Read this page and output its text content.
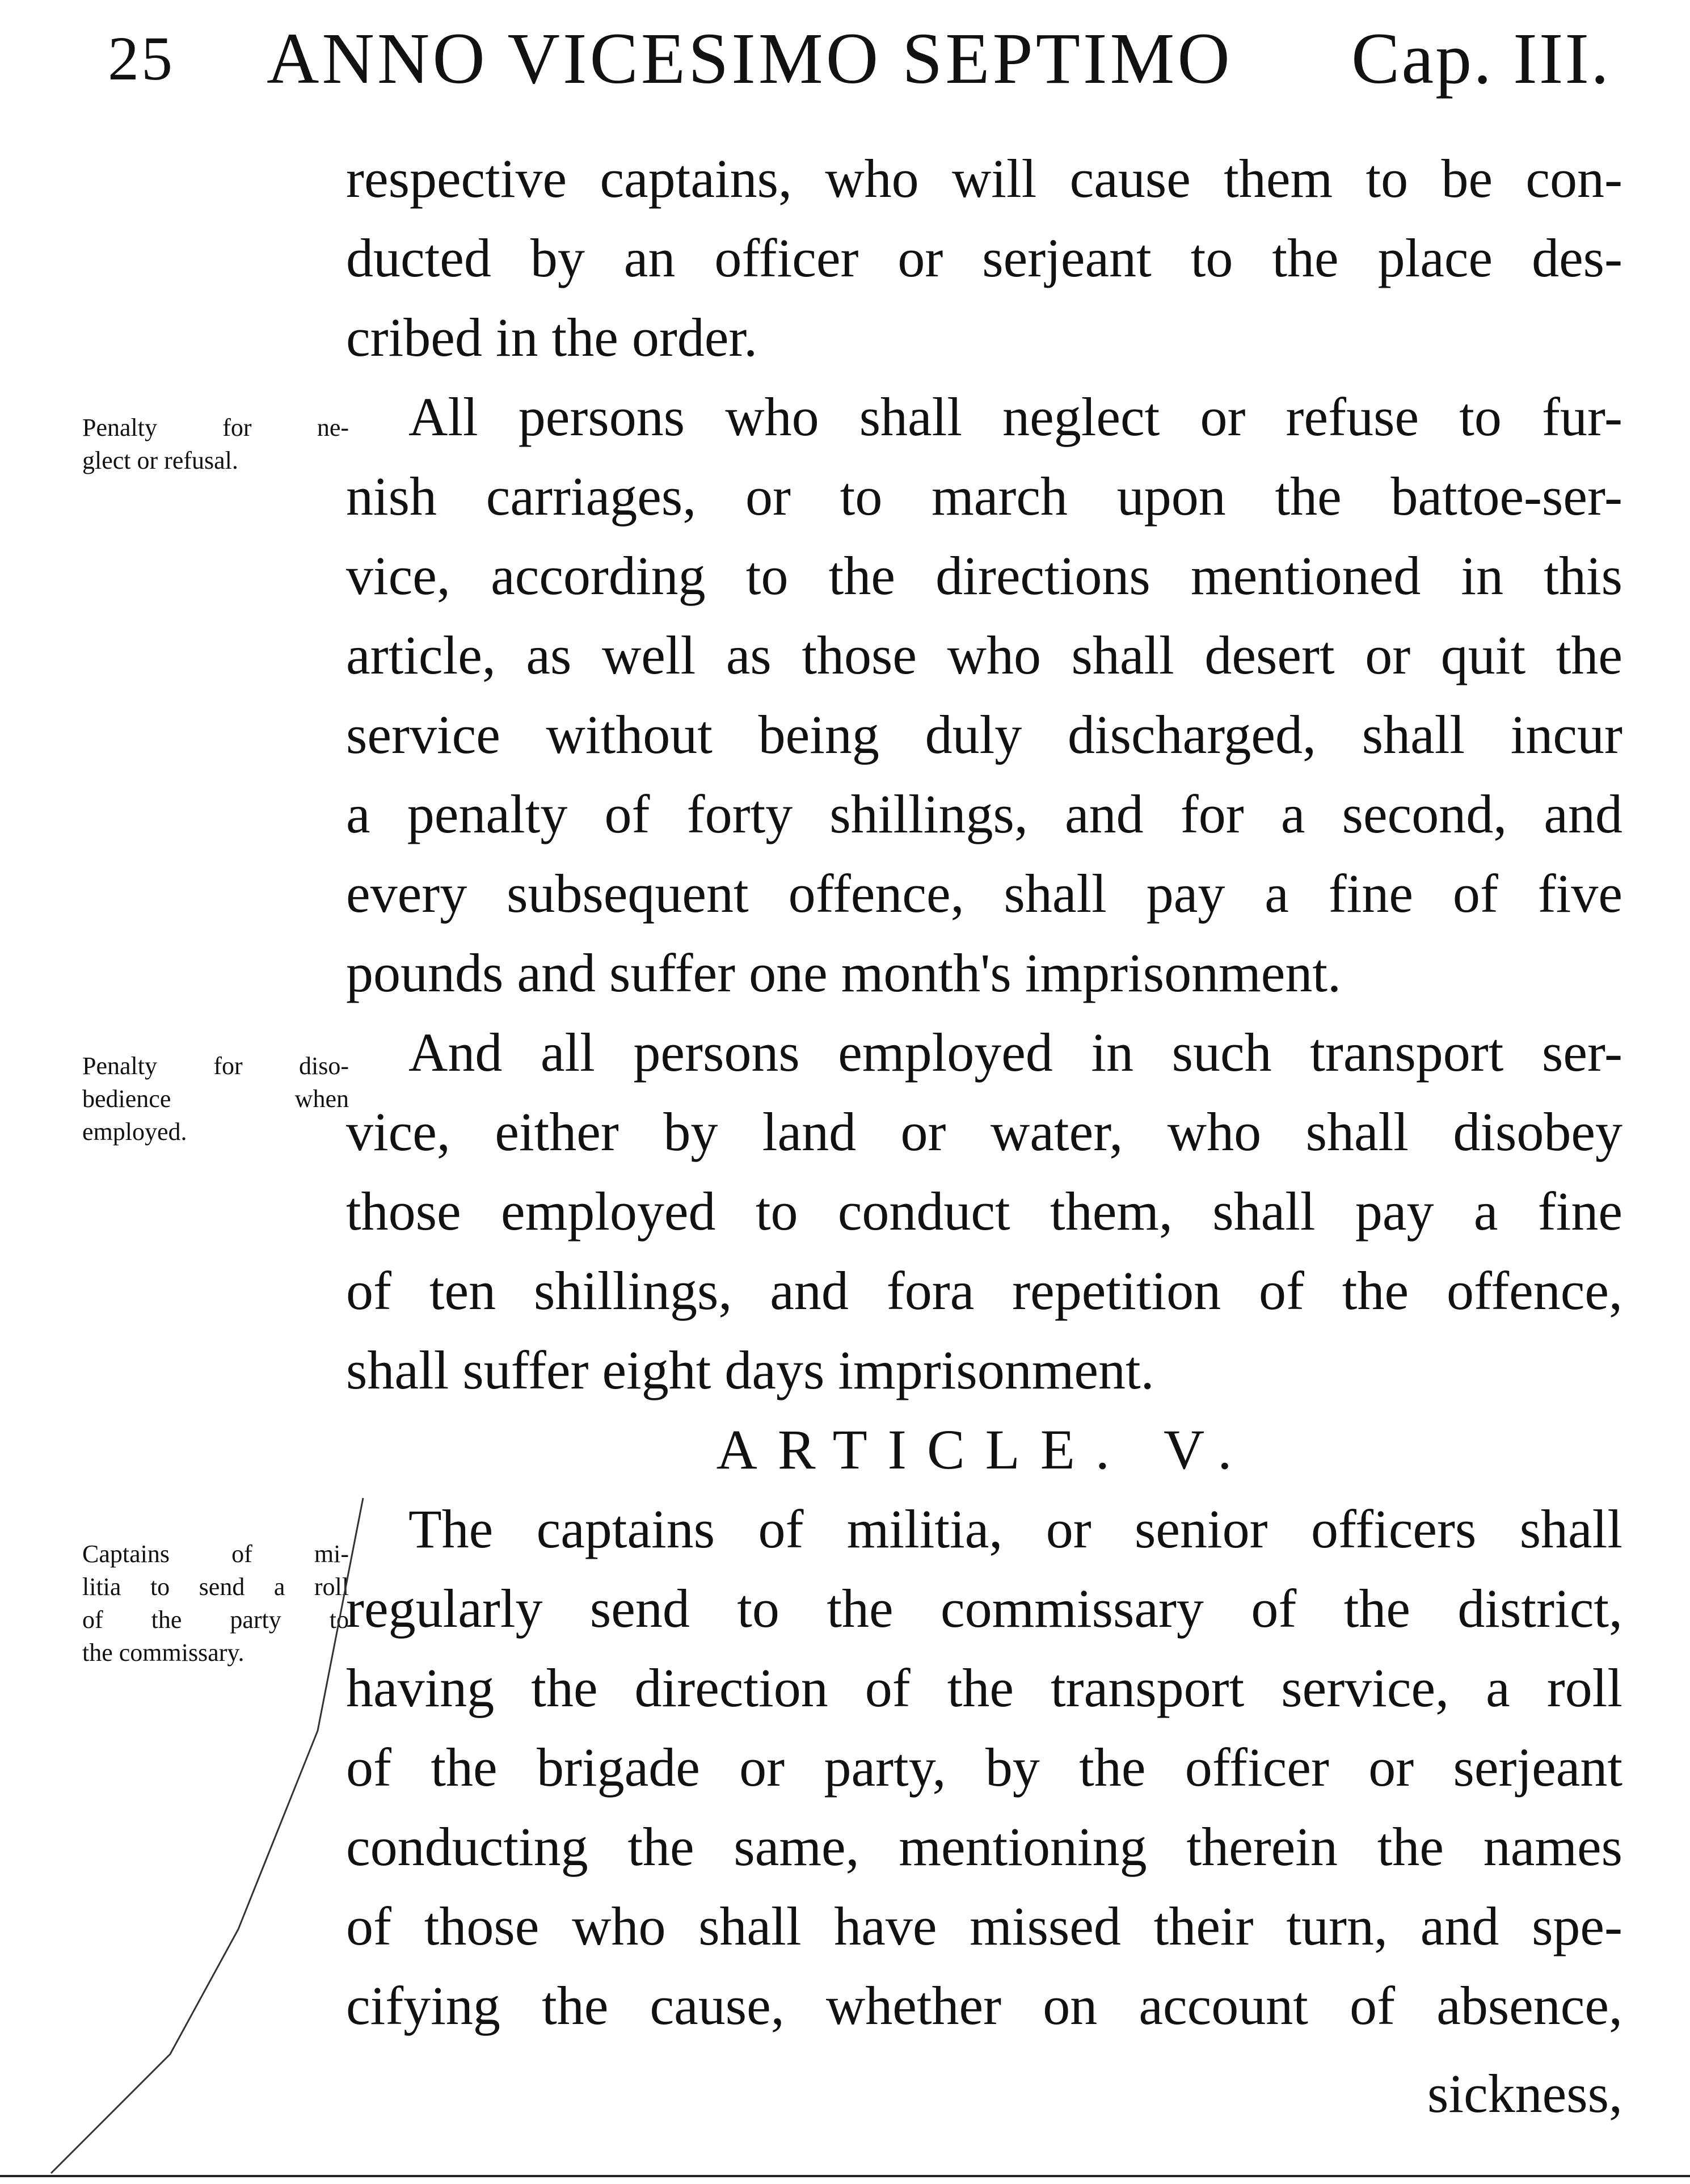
25 ANNO VICESIMO SEPTIMO Cap. III.
Penalty for ne-
glect or refusal.
Penalty for diso-
bedience when
employed.
Captains of mi-
litia to send a roll
of the party to
the commissary.
respective captains, who will cause them to be con-
ducted by an officer or serjeant to the place des-
cribed in the order.
All persons who shall neglect or refuse to fur-
nish carriages, or to march upon the battoe-ser-
vice, according to the directions mentioned in this
article, as well as those who shall desert or quit the
service without being duly discharged, shall incur
a penalty of forty shillings, and for a second, and
every subsequent offence, shall pay a fine of five
pounds and suffer one month's imprisonment.
And all persons employed in such transport ser-
vice, either by land or water, who shall disobey
those employed to conduct them, shall pay a fine
of ten shillings, and fora repetition of the offence,
shall suffer eight days imprisonment.
ARTICLE. V.
The captains of militia, or senior officers shall
regularly send to the commissary of the district,
having the direction of the transport service, a roll
of the brigade or party, by the officer or serjeant
conducting the same, mentioning therein the names
of those who shall have missed their turn, and spe-
cifying the cause, whether on account of absence,
sickness,
